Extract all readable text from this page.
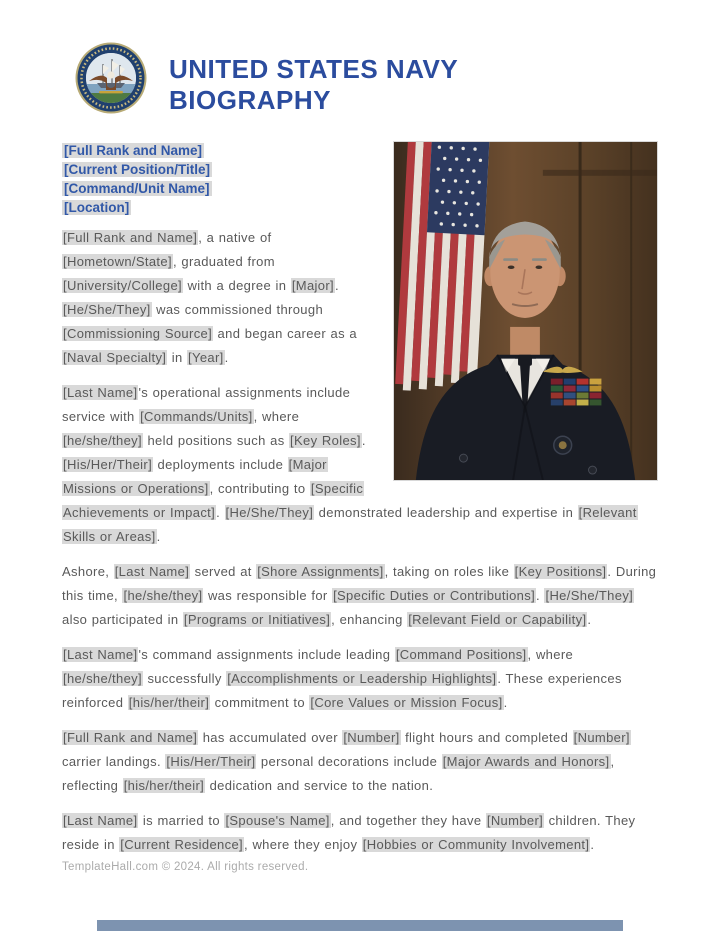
UNITED STATES NAVY
BIOGRAPHY
[Full Rank and Name]
[Current Position/Title]
[Command/Unit Name]
[Location]

[Full Rank and Name], a native of [Hometown/State], graduated from [University/College] with a degree in [Major]. [He/She/They] was commissioned through [Commissioning Source] and began career as a [Naval Specialty] in [Year].

[Last Name]'s operational assignments include service with [Commands/Units], where [he/she/they] held positions such as [Key Roles]. [His/Her/Their] deployments include [Major Missions or Operations], contributing to [Specific Achievements or Impact]. [He/She/They] demonstrated leadership and expertise in [Relevant Skills or Areas].

Ashore, [Last Name] served at [Shore Assignments], taking on roles like [Key Positions]. During this time, [he/she/they] was responsible for [Specific Duties or Contributions]. [He/She/They] also participated in [Programs or Initiatives], enhancing [Relevant Field or Capability].

[Last Name]'s command assignments include leading [Command Positions], where [he/she/they] successfully [Accomplishments or Leadership Highlights]. These experiences reinforced [his/her/their] commitment to [Core Values or Mission Focus].

[Full Rank and Name] has accumulated over [Number] flight hours and completed [Number] carrier landings. [His/Her/Their] personal decorations include [Major Awards and Honors], reflecting [his/her/their] dedication and service to the nation.

[Last Name] is married to [Spouse's Name], and together they have [Number] children. They reside in [Current Residence], where they enjoy [Hobbies or Community Involvement].

TemplateHall.com © 2024. All rights reserved.
